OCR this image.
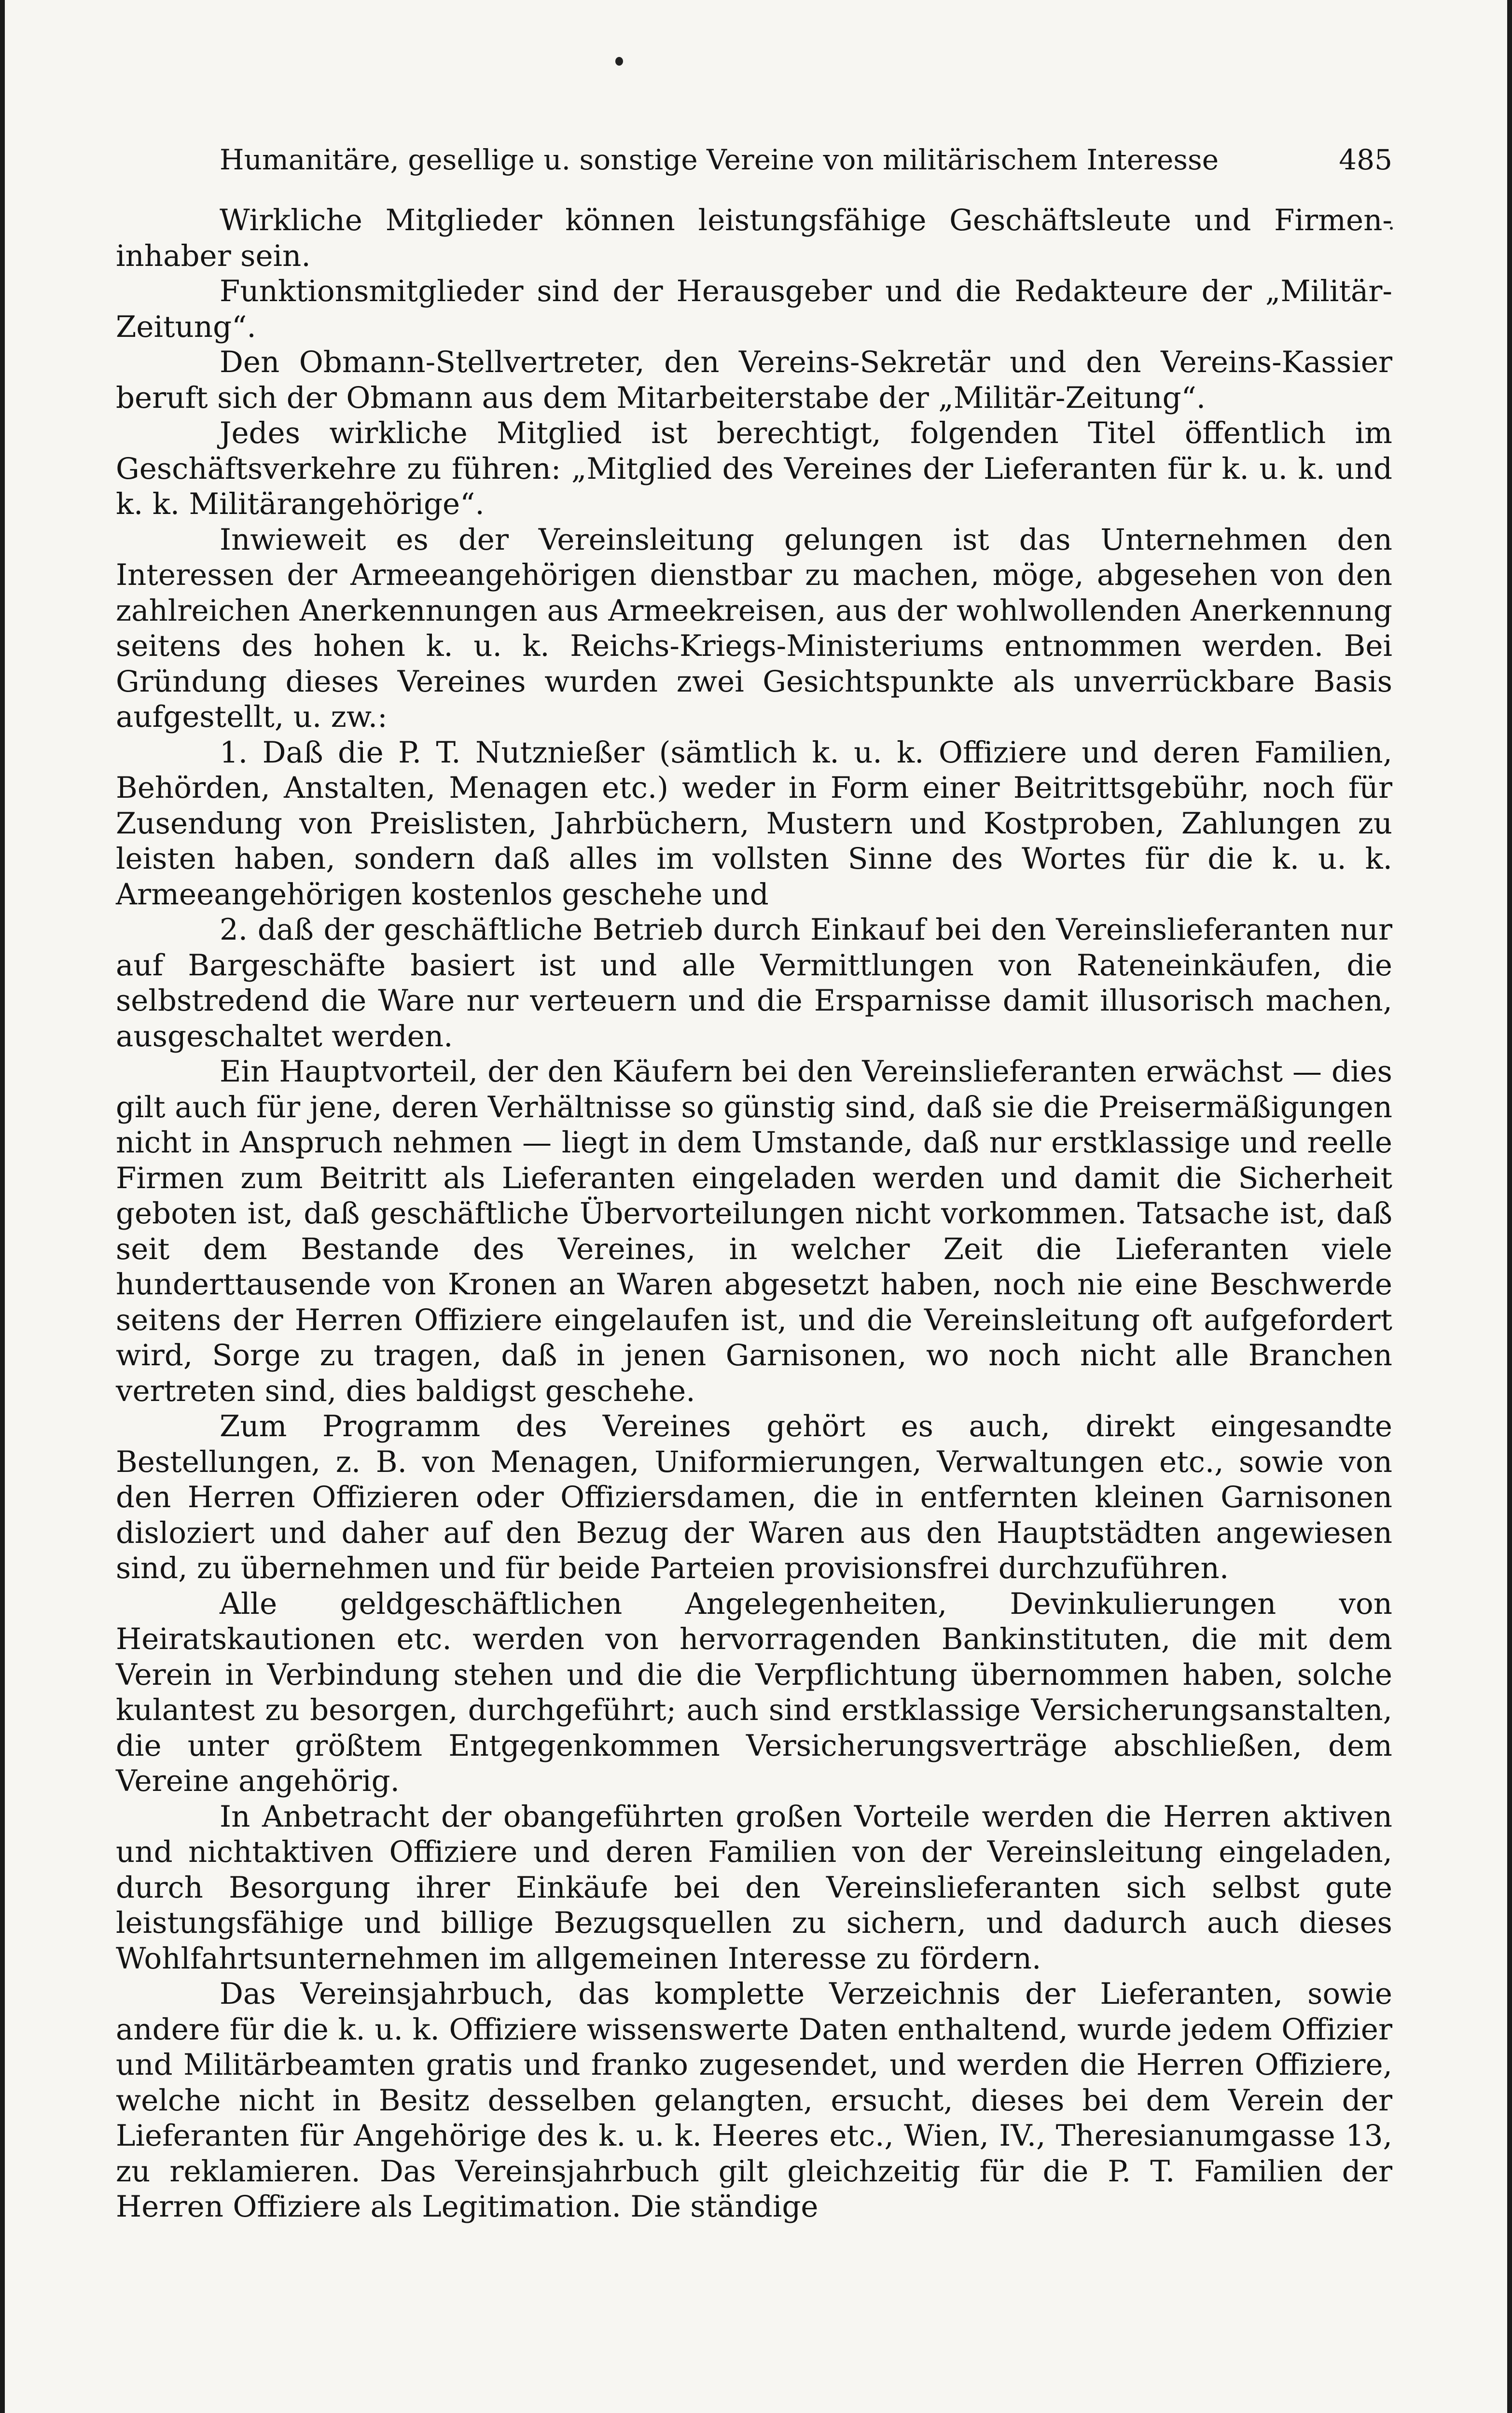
Humanitäre, gesellige u. sonstige Vereine von militärischem Interesse	485

Wirkliche Mitglieder können leistungsfähige Geschäftsleute und Firmen-inhaber sein.

Funktionsmitglieder sind der Herausgeber und die Redakteure der „Militär-Zeitung“.

Den Obmann-Stellvertreter, den Vereins-Sekretär und den Vereins-Kassier beruft sich der Obmann aus dem Mitarbeiterstabe der „Militär-Zeitung“.

Jedes wirkliche Mitglied ist berechtigt, folgenden Titel öffentlich im Geschäftsverkehre zu führen: „Mitglied des Vereines der Lieferanten für k. u. k. und k. k. Militärangehörige“.

Inwieweit es der Vereinsleitung gelungen ist das Unternehmen den Interessen der Armeeangehörigen dienstbar zu machen, möge, abgesehen von den zahlreichen Anerkennungen aus Armeekreisen, aus der wohlwollenden Anerkennung seitens des hohen k. u. k. Reichs-Kriegs-Ministeriums entnommen werden. Bei Gründung dieses Vereines wurden zwei Gesichtspunkte als unverrückbare Basis aufgestellt, u. zw.:

1. Daß die P. T. Nutznießer (sämtlich k. u. k. Offiziere und deren Familien, Behörden, Anstalten, Menagen etc.) weder in Form einer Beitrittsgebühr, noch für Zusendung von Preislisten, Jahrbüchern, Mustern und Kostproben, Zahlungen zu leisten haben, sondern daß alles im vollsten Sinne des Wortes für die k. u. k. Armeeangehörigen kostenlos geschehe und

2. daß der geschäftliche Betrieb durch Einkauf bei den Vereinslieferanten nur auf Bargeschäfte basiert ist und alle Vermittlungen von Rateneinkäufen, die selbstredend die Ware nur verteuern und die Ersparnisse damit illusorisch machen, ausgeschaltet werden.

Ein Hauptvorteil, der den Käufern bei den Vereinslieferanten erwächst — dies gilt auch für jene, deren Verhältnisse so günstig sind, daß sie die Preisermäßigungen nicht in Anspruch nehmen — liegt in dem Umstande, daß nur erstklassige und reelle Firmen zum Beitritt als Lieferanten eingeladen werden und damit die Sicherheit geboten ist, daß geschäftliche Übervorteilungen nicht vorkommen. Tatsache ist, daß seit dem Bestande des Vereines, in welcher Zeit die Lieferanten viele hunderttausende von Kronen an Waren abgesetzt haben, noch nie eine Beschwerde seitens der Herren Offiziere eingelaufen ist, und die Vereinsleitung oft aufgefordert wird, Sorge zu tragen, daß in jenen Garnisonen, wo noch nicht alle Branchen vertreten sind, dies baldigst geschehe.

Zum Programm des Vereines gehört es auch, direkt eingesandte Bestellungen, z. B. von Menagen, Uniformierungen, Verwaltungen etc., sowie von den Herren Offizieren oder Offiziersdamen, die in entfernten kleinen Garnisonen disloziert und daher auf den Bezug der Waren aus den Hauptstädten angewiesen sind, zu übernehmen und für beide Parteien provisionsfrei durchzuführen.

Alle geldgeschäftlichen Angelegenheiten, Devinkulierungen von Heiratskautionen etc. werden von hervorragenden Bankinstituten, die mit dem Verein in Verbindung stehen und die die Verpflichtung übernommen haben, solche kulantest zu besorgen, durchgeführt; auch sind erstklassige Versicherungsanstalten, die unter größtem Entgegenkommen Versicherungsverträge abschließen, dem Vereine angehörig.

In Anbetracht der obangeführten großen Vorteile werden die Herren aktiven und nichtaktiven Offiziere und deren Familien von der Vereinsleitung eingeladen, durch Besorgung ihrer Einkäufe bei den Vereinslieferanten sich selbst gute leistungsfähige und billige Bezugsquellen zu sichern, und dadurch auch dieses Wohlfahrtsunternehmen im allgemeinen Interesse zu fördern.

Das Vereinsjahrbuch, das komplette Verzeichnis der Lieferanten, sowie andere für die k. u. k. Offiziere wissenswerte Daten enthaltend, wurde jedem Offizier und Militärbeamten gratis und franko zugesendet, und werden die Herren Offiziere, welche nicht in Besitz desselben gelangten, ersucht, dieses bei dem Verein der Lieferanten für Angehörige des k. u. k. Heeres etc., Wien, IV., Theresianumgasse 13, zu reklamieren. Das Vereinsjahrbuch gilt gleichzeitig für die P. T. Familien der Herren Offiziere als Legitimation. Die ständige
